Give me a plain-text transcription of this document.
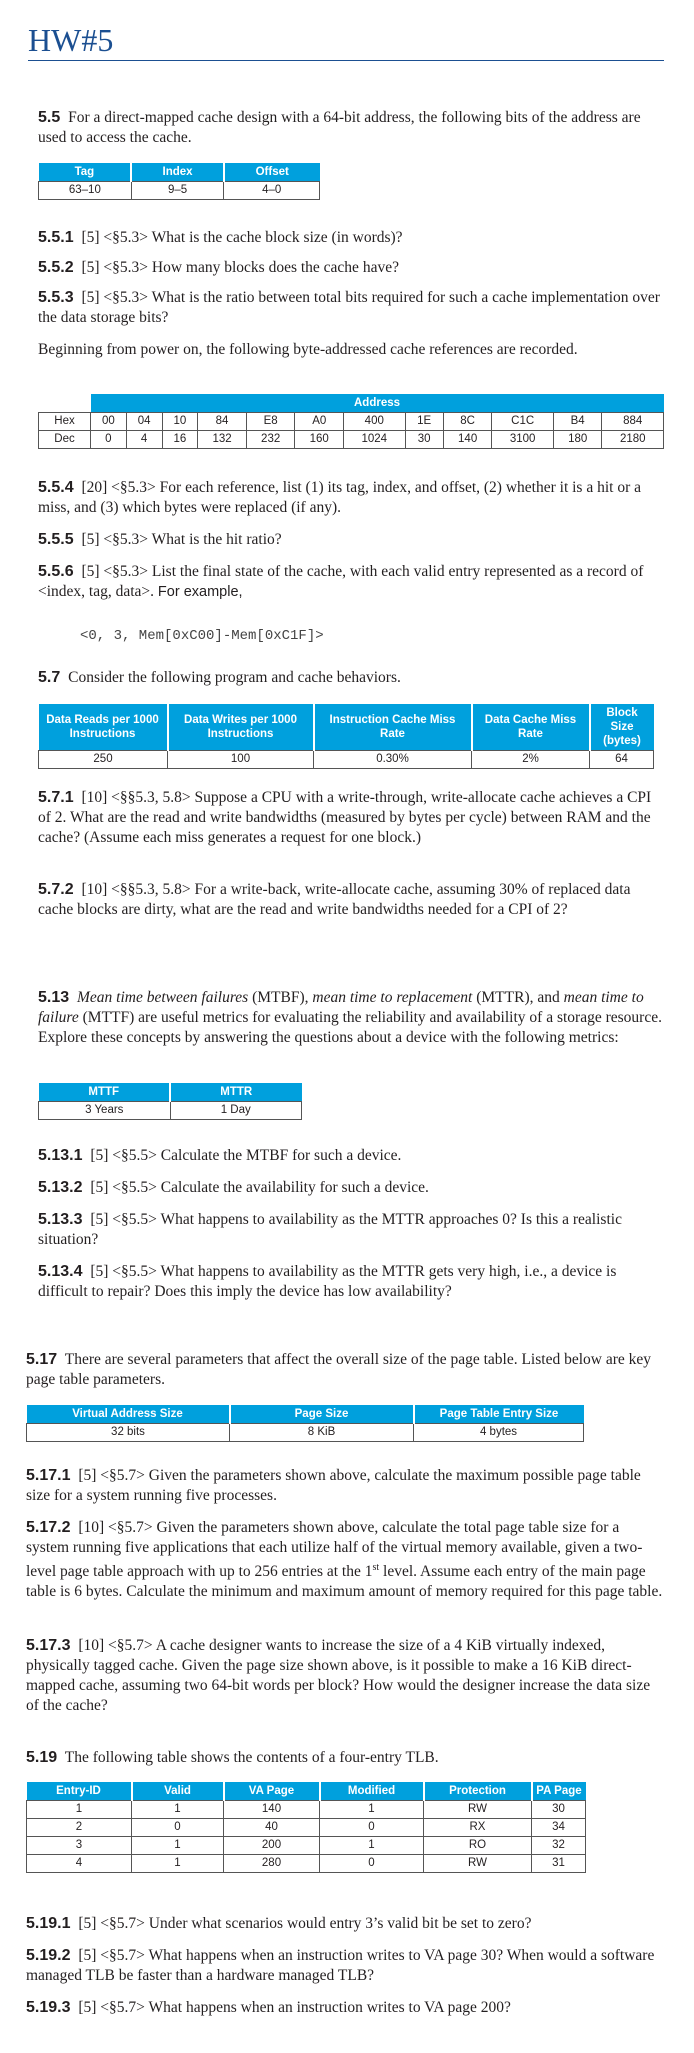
HW#5
5.5 For a direct-mapped cache design with a 64-bit address, the following bits of the address are used to access the cache.
Tag	Index	Offset
63–10	9–5	4–0
5.5.1 [5] <§5.3> What is the cache block size (in words)?
5.5.2 [5] <§5.3> How many blocks does the cache have?
5.5.3 [5] <§5.3> What is the ratio between total bits required for such a cache implementation over the data storage bits?
Beginning from power on, the following byte-addressed cache references are recorded.
	Address											
Hex	00	04	10	84	E8	A0	400	1E	8C	C1C	B4	884
Dec	0	4	16	132	232	160	1024	30	140	3100	180	2180
5.5.4 [20] <§5.3> For each reference, list (1) its tag, index, and offset, (2) whether it is a hit or a miss, and (3) which bytes were replaced (if any).
5.5.5 [5] <§5.3> What is the hit ratio?
5.5.6 [5] <§5.3> List the final state of the cache, with each valid entry represented as a record of <index, tag, data>. For example,
<0, 3, Mem[0xC00]-Mem[0xC1F]>
5.7 Consider the following program and cache behaviors.
Data Reads per 1000 Instructions	Data Writes per 1000 Instructions	Instruction Cache Miss Rate	Data Cache Miss Rate	Block Size (bytes)
250	100	0.30%	2%	64
5.7.1 [10] <§§5.3, 5.8> Suppose a CPU with a write-through, write-allocate cache achieves a CPI of 2. What are the read and write bandwidths (measured by bytes per cycle) between RAM and the cache? (Assume each miss generates a request for one block.)
5.7.2 [10] <§§5.3, 5.8> For a write-back, write-allocate cache, assuming 30% of replaced data cache blocks are dirty, what are the read and write bandwidths needed for a CPI of 2?
5.13 Mean time between failures (MTBF), mean time to replacement (MTTR), and mean time to failure (MTTF) are useful metrics for evaluating the reliability and availability of a storage resource. Explore these concepts by answering the questions about a device with the following metrics:
MTTF	MTTR
3 Years	1 Day
5.13.1 [5] <§5.5> Calculate the MTBF for such a device.
5.13.2 [5] <§5.5> Calculate the availability for such a device.
5.13.3 [5] <§5.5> What happens to availability as the MTTR approaches 0? Is this a realistic situation?
5.13.4 [5] <§5.5> What happens to availability as the MTTR gets very high, i.e., a device is difficult to repair? Does this imply the device has low availability?
5.17 There are several parameters that affect the overall size of the page table. Listed below are key page table parameters.
Virtual Address Size	Page Size	Page Table Entry Size
32 bits	8 KiB	4 bytes
5.17.1 [5] <§5.7> Given the parameters shown above, calculate the maximum possible page table size for a system running five processes.
5.17.2 [10] <§5.7> Given the parameters shown above, calculate the total page table size for a system running five applications that each utilize half of the virtual memory available, given a two-level page table approach with up to 256 entries at the 1st level. Assume each entry of the main page table is 6 bytes. Calculate the minimum and maximum amount of memory required for this page table.
5.17.3 [10] <§5.7> A cache designer wants to increase the size of a 4 KiB virtually indexed, physically tagged cache. Given the page size shown above, is it possible to make a 16 KiB direct-mapped cache, assuming two 64-bit words per block? How would the designer increase the data size of the cache?
5.19 The following table shows the contents of a four-entry TLB.
Entry-ID	Valid	VA Page	Modified	Protection	PA Page
1	1	140	1	RW	30
2	0	40	0	RX	34
3	1	200	1	RO	32
4	1	280	0	RW	31
5.19.1 [5] <§5.7> Under what scenarios would entry 3’s valid bit be set to zero?
5.19.2 [5] <§5.7> What happens when an instruction writes to VA page 30? When would a software managed TLB be faster than a hardware managed TLB?
5.19.3 [5] <§5.7> What happens when an instruction writes to VA page 200?
